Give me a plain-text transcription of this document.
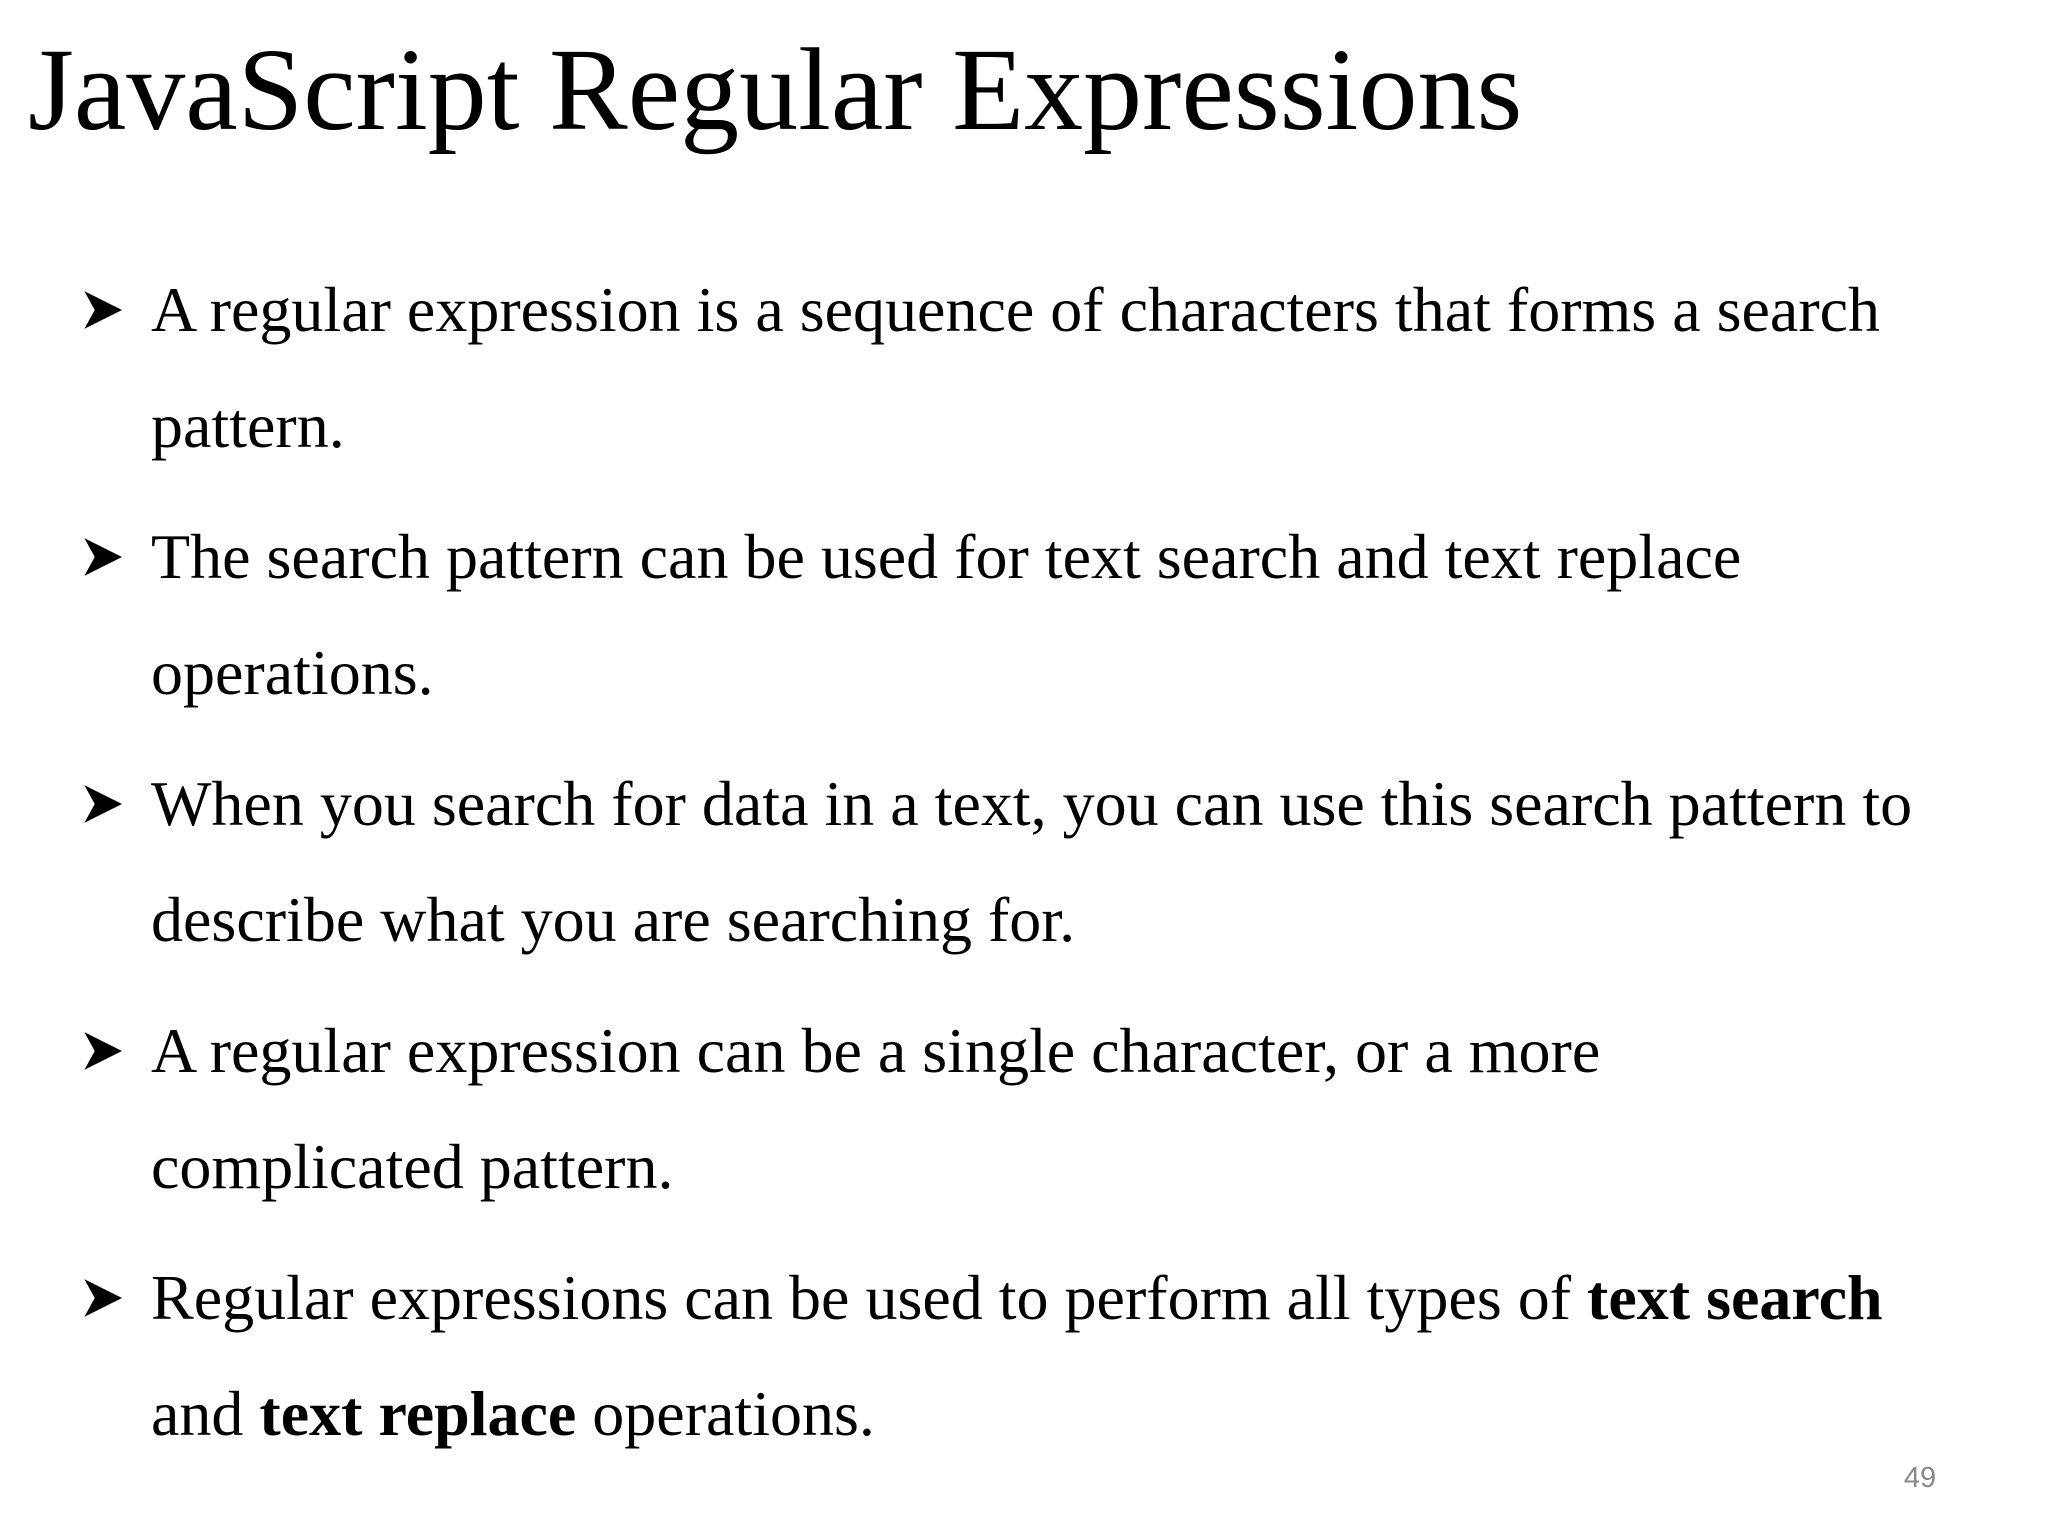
JavaScript Regular Expressions
A regular expression is a sequence of characters that forms a search pattern.
The search pattern can be used for text search and text replace operations.
When you search for data in a text, you can use this search pattern to describe what you are searching for.
A regular expression can be a single character, or a more complicated pattern.
Regular expressions can be used to perform all types of text search and text replace operations.
49
